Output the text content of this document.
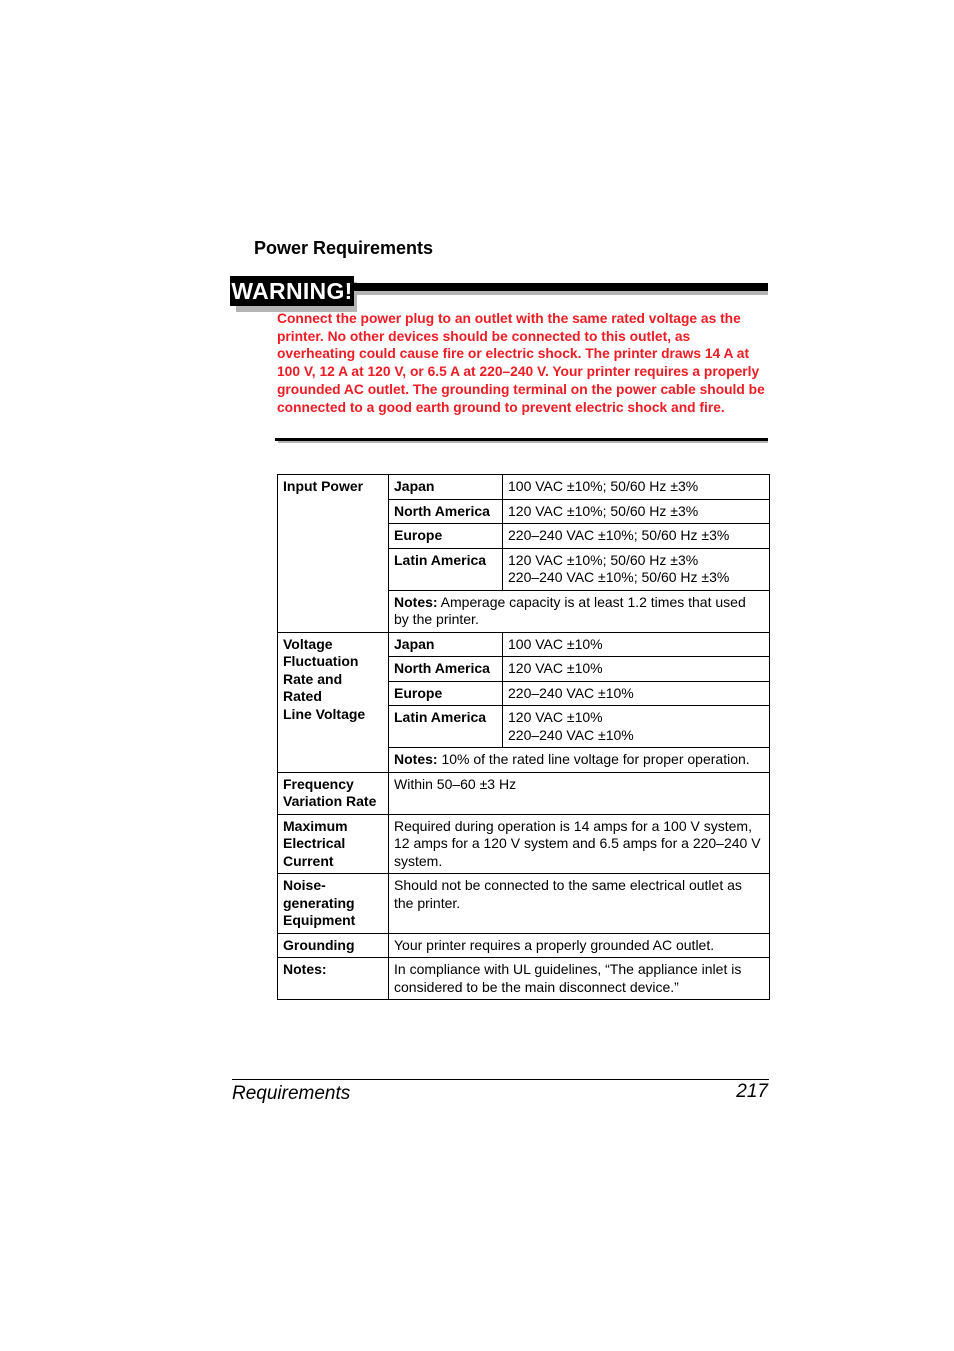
Power Requirements
WARNING!

Connect the power plug to an outlet with the same rated voltage as the printer. No other devices should be connected to this outlet, as overheating could cause fire or electric shock. The printer draws 14 A at 100 V, 12 A at 120 V, or 6.5 A at 220–240 V. Your printer requires a properly grounded AC outlet. The grounding terminal on the power cable should be connected to a good earth ground to prevent electric shock and fire.

Input Power	Japan	100 VAC ±10%; 50/60 Hz ±3%
	North America	120 VAC ±10%; 50/60 Hz ±3%
	Europe	220–240 VAC ±10%; 50/60 Hz ±3%
	Latin America	120 VAC ±10%; 50/60 Hz ±3%
220–240 VAC ±10%; 50/60 Hz ±3%

	Notes: Amperage capacity is at least 1.2 times that used by the printer.	

Voltage
Fluctuation
Rate and Rated
Line Voltage	Japan	100 VAC ±10%
	North America	120 VAC ±10%
	Europe	220–240 VAC ±10%
	Latin America	120 VAC ±10%
220–240 VAC ±10%

	Notes: 10% of the rated line voltage for proper operation.	

Frequency
Variation Rate	Within 50–60 ±3 Hz	

Maximum
Electrical
Current	Required during operation is 14 amps for a 100 V system, 12 amps for a 120 V system and 6.5 amps for a 220–240 V system.	

Noise-
generating
Equipment	Should not be connected to the same electrical outlet as the printer.	
Grounding	Your printer requires a properly grounded AC outlet.	
Notes:	In compliance with UL guidelines, “The appliance inlet is considered to be the main disconnect device.”	
Requirements	217
